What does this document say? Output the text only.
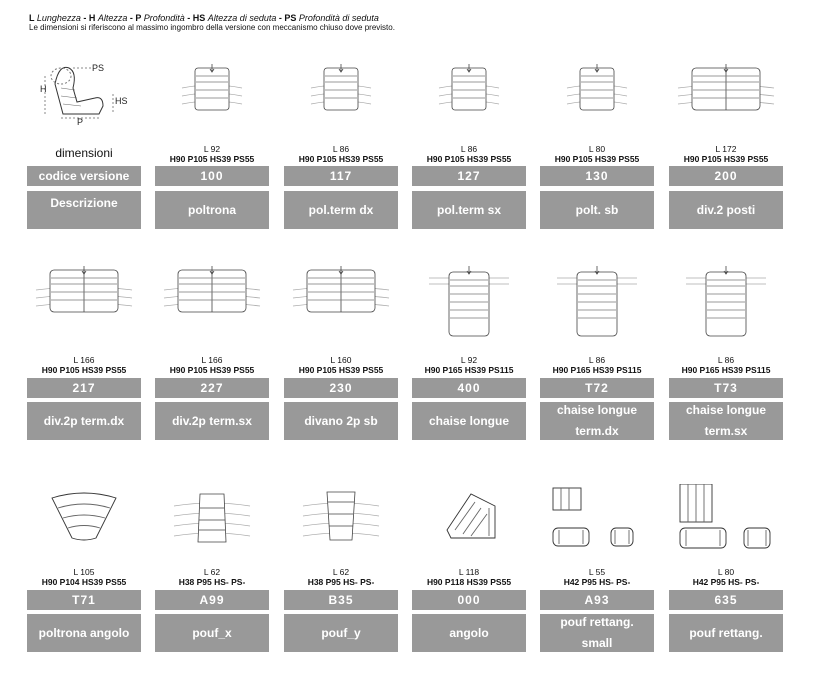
L Lunghezza - H Altezza - P Profondità - HS Altezza di seduta - PS Profondità di seduta
Le dimensioni si riferiscono al massimo ingombro della versione con meccanismo chiuso dove previsto.
PS
H
HS
P
dimensioni
codice versione
Descrizione
L 92
H90 P105 HS39 PS55
100
poltrona
L 86
H90 P105 HS39 PS55
117
pol.term dx
L 86
H90 P105 HS39 PS55
127
pol.term sx
L 80
H90 P105 HS39 PS55
130
polt. sb
L 172
H90 P105 HS39 PS55
200
div.2 posti
L 166
H90 P105 HS39 PS55
217
div.2p term.dx
L 166
H90 P105 HS39 PS55
227
div.2p term.sx
L 160
H90 P105 HS39 PS55
230
divano 2p sb
L 92
H90 P165 HS39 PS115
400
chaise longue
L 86
H90 P165 HS39 PS115
T72
chaise longue
term.dx
L 86
H90 P165 HS39 PS115
T73
chaise longue
term.sx
L 105
H90 P104 HS39 PS55
T71
poltrona angolo
L 62
H38 P95 HS- PS-
A99
pouf_x
L 62
H38 P95 HS- PS-
B35
pouf_y
L 118
H90 P118 HS39 PS55
000
angolo
L 55
H42 P95 HS- PS-
A93
pouf rettang.
small
L 80
H42 P95 HS- PS-
635
pouf rettang.
